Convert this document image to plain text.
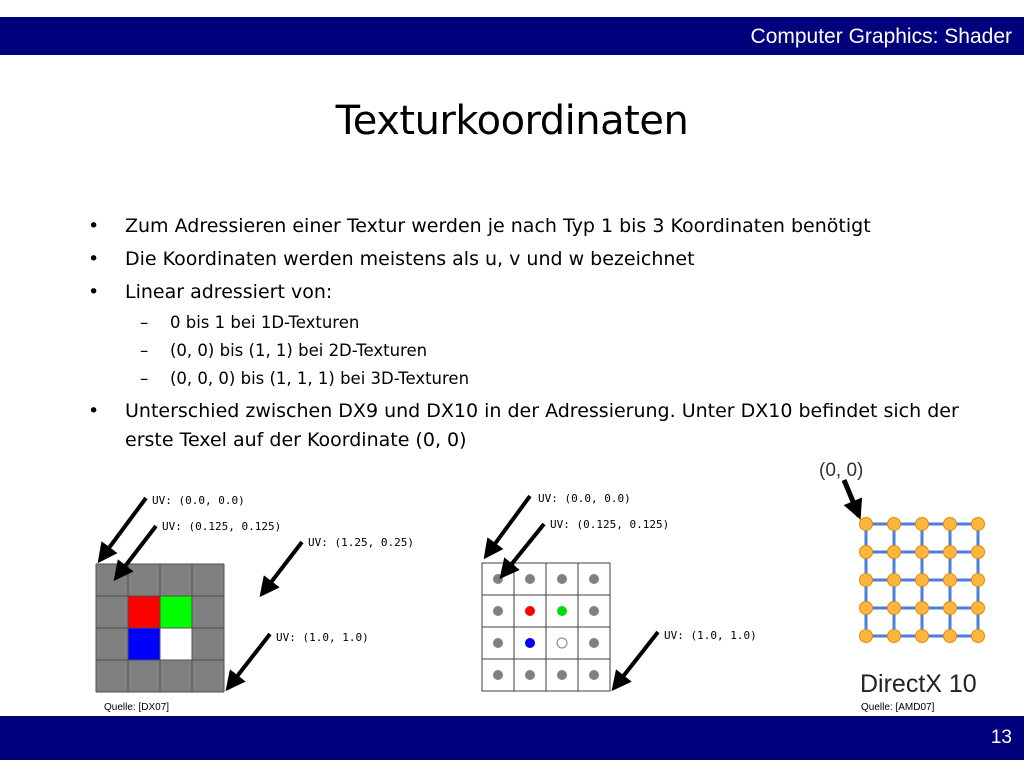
Computer Graphics: Shader
Texturkoordinaten
• Zum Adressieren einer Textur werden je nach Typ 1 bis 3 Koordinaten benötigt
• Die Koordinaten werden meistens als u, v und w bezeichnet
• Linear adressiert von:
– 0 bis 1 bei 1D-Texturen
– (0, 0) bis (1, 1) bei 2D-Texturen
– (0, 0, 0) bis (1, 1, 1) bei 3D-Texturen
• Unterschied zwischen DX9 und DX10 in der Adressierung. Unter DX10 befindet sich der erste Texel auf der Koordinate (0, 0)
UV: (0.0, 0.0)
UV: (0.125, 0.125)
UV: (1.25, 0.25)
UV: (1.0, 1.0)
Quelle: [DX07]
UV: (0.0, 0.0)
UV: (0.125, 0.125)
UV: (1.0, 1.0)
(0, 0)
DirectX 10
Quelle: [AMD07]
13
